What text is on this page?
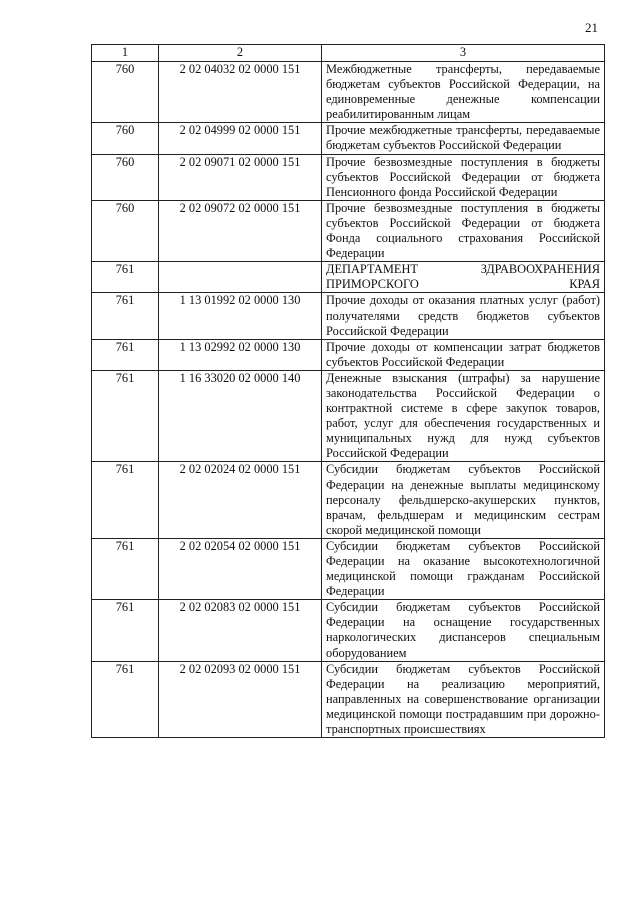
21
1	2	3
760	2 02 04032 02 0000 151	Межбюджетные трансферты, передаваемые бюджетам субъектов Российской Федерации, на единовременные денежные компенсации реабилитированным лицам
760	2 02 04999 02 0000 151	Прочие межбюджетные трансферты, передаваемые бюджетам субъектов Российской Федерации
760	2 02 09071 02 0000 151	Прочие безвозмездные поступления в бюджеты субъектов Российской Федерации от бюджета Пенсионного фонда Российской Федерации
760	2 02 09072 02 0000 151	Прочие безвозмездные поступления в бюджеты субъектов Российской Федерации от бюджета Фонда социального страхования Российской Федерации
761		ДЕПАРТАМЕНТ ЗДРАВООХРАНЕНИЯ ПРИМОРСКОГО КРАЯ
761	1 13 01992 02 0000 130	Прочие доходы от оказания платных услуг (работ) получателями средств бюджетов субъектов Российской Федерации
761	1 13 02992 02 0000 130	Прочие доходы от компенсации затрат бюджетов субъектов Российской Федерации
761	1 16 33020 02 0000 140	Денежные взыскания (штрафы) за нарушение законодательства Российской Федерации о контрактной системе в сфере закупок товаров, работ, услуг для обеспечения государственных и муниципальных нужд для нужд субъектов Российской Федерации
761	2 02 02024 02 0000 151	Субсидии бюджетам субъектов Российской Федерации на денежные выплаты медицинскому персоналу фельдшерско-акушерских пунктов, врачам, фельдшерам и медицинским сестрам скорой медицинской помощи
761	2 02 02054 02 0000 151	Субсидии бюджетам субъектов Российской Федерации на оказание высокотехнологичной медицинской помощи гражданам Российской Федерации
761	2 02 02083 02 0000 151	Субсидии бюджетам субъектов Российской Федерации на оснащение государственных наркологических диспансеров специальным оборудованием
761	2 02 02093 02 0000 151	Субсидии бюджетам субъектов Российской Федерации на реализацию мероприятий, направленных на совершенствование организации медицинской помощи пострадавшим при дорожно-транспортных происшествиях
